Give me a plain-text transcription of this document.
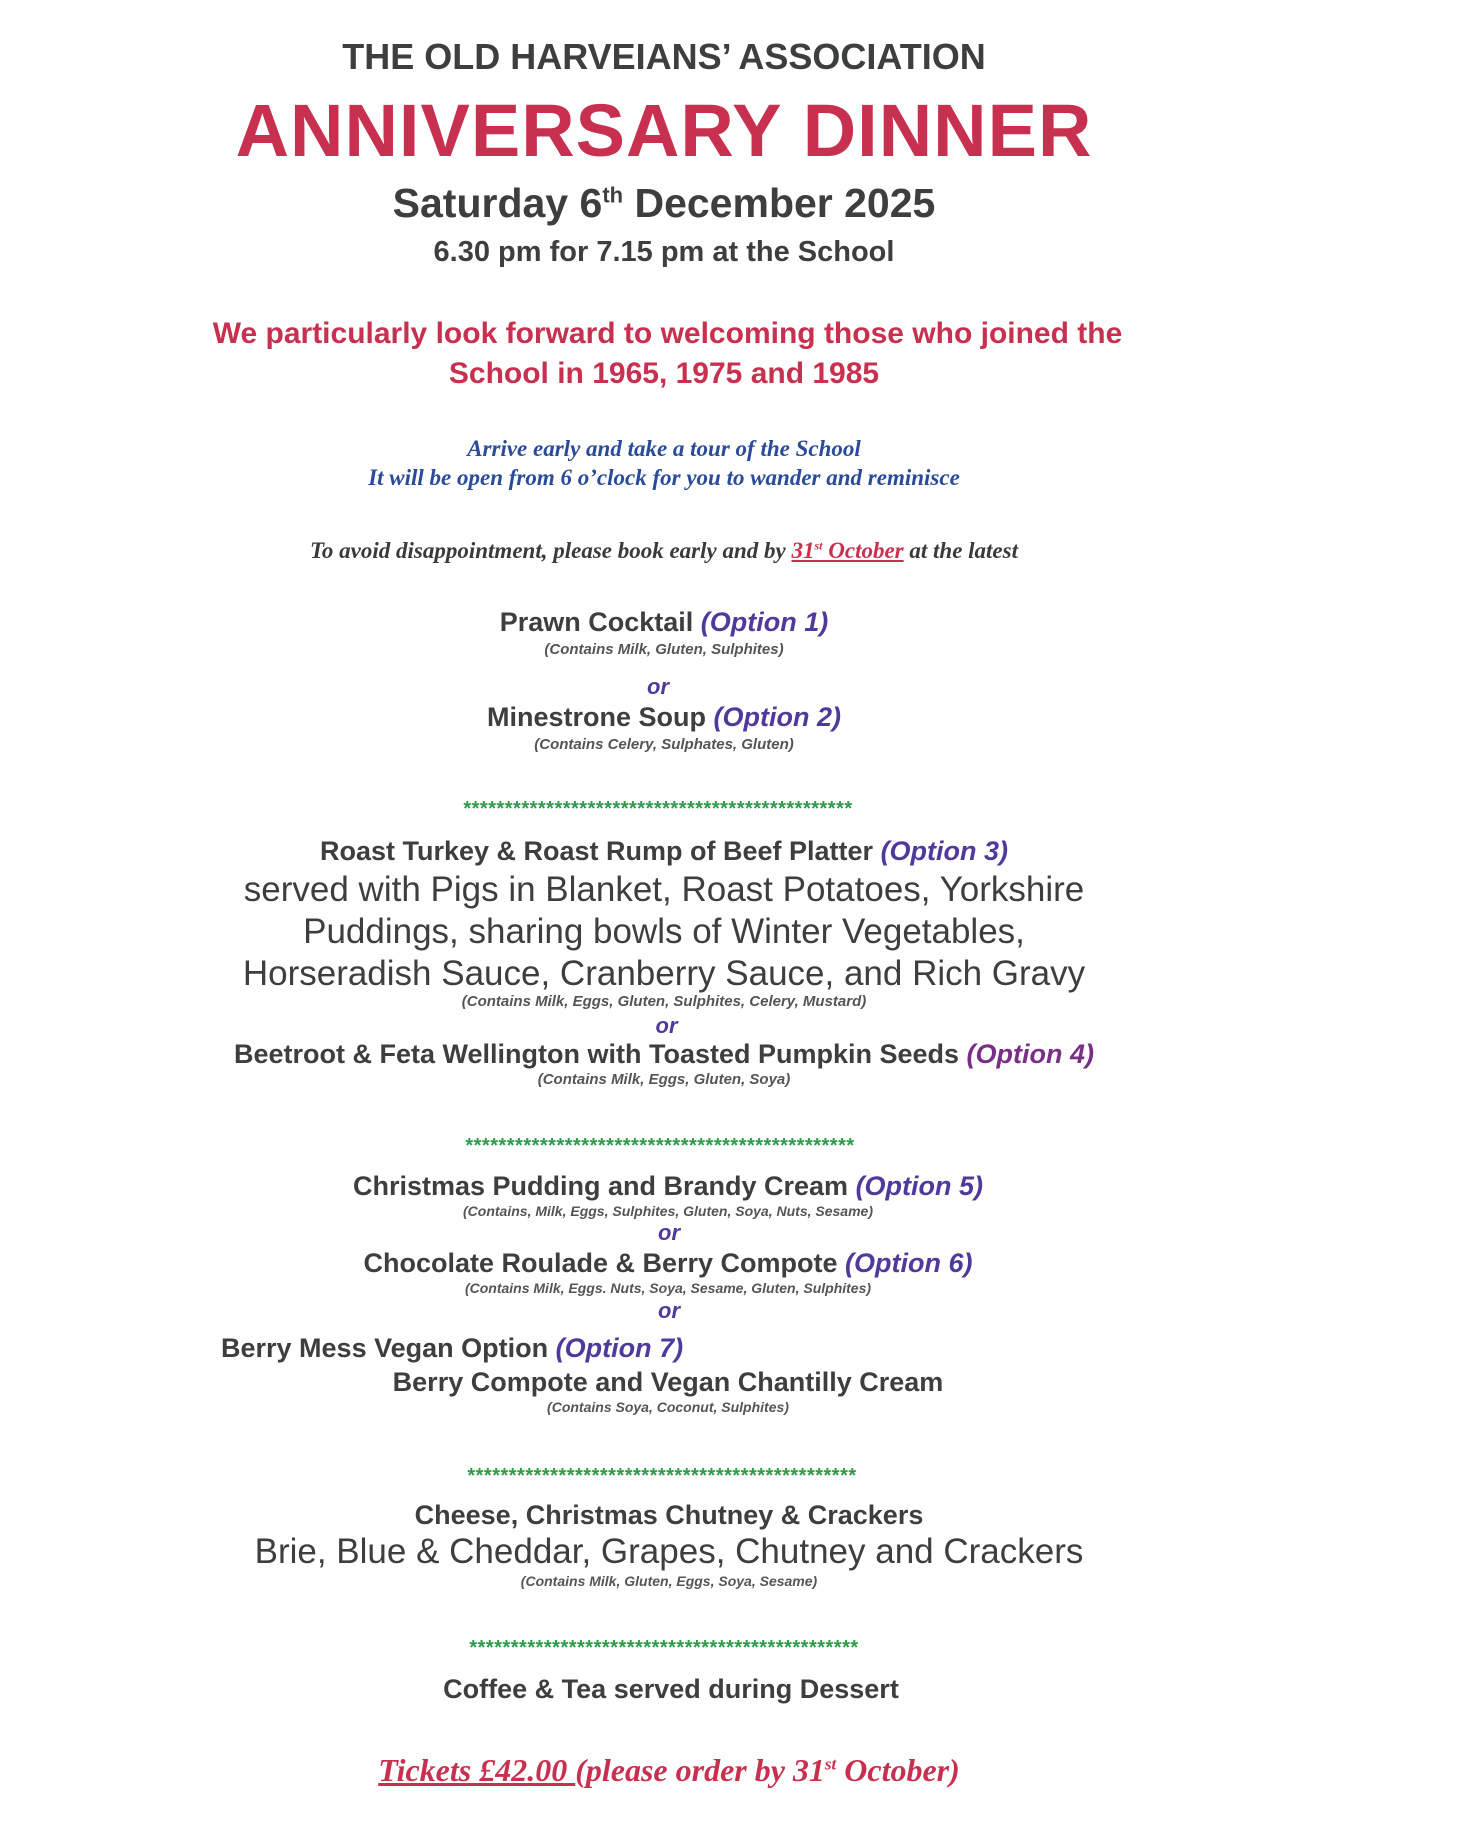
THE OLD HARVEIANS’ ASSOCIATION
ANNIVERSARY DINNER
Saturday 6th December 2025
6.30 pm for 7.15 pm at the School
We particularly look forward to welcoming those who joined the
School in 1965, 1975 and 1985
Arrive early and take a tour of the School
It will be open from 6 o’clock for you to wander and reminisce
To avoid disappointment, please book early and by 31st October at the latest
Prawn Cocktail (Option 1)
(Contains Milk, Gluten, Sulphites)
or
Minestrone Soup (Option 2)
(Contains Celery, Sulphates, Gluten)
***********************************************
Roast Turkey & Roast Rump of Beef Platter (Option 3)
served with Pigs in Blanket, Roast Potatoes, Yorkshire
Puddings, sharing bowls of Winter Vegetables,
Horseradish Sauce, Cranberry Sauce, and Rich Gravy
(Contains Milk, Eggs, Gluten, Sulphites, Celery, Mustard)
or
Beetroot & Feta Wellington with Toasted Pumpkin Seeds (Option 4)
(Contains Milk, Eggs, Gluten, Soya)
***********************************************
Christmas Pudding and Brandy Cream (Option 5)
(Contains, Milk, Eggs, Sulphites, Gluten, Soya, Nuts, Sesame)
or
Chocolate Roulade & Berry Compote (Option 6)
(Contains Milk, Eggs. Nuts, Soya, Sesame, Gluten, Sulphites)
or
Berry Mess Vegan Option (Option 7)
Berry Compote and Vegan Chantilly Cream
(Contains Soya, Coconut, Sulphites)
***********************************************
Cheese, Christmas Chutney & Crackers
Brie, Blue & Cheddar, Grapes, Chutney and Crackers
(Contains Milk, Gluten, Eggs, Soya, Sesame)
***********************************************
Coffee & Tea served during Dessert
Tickets £42.00 (please order by 31st October)
